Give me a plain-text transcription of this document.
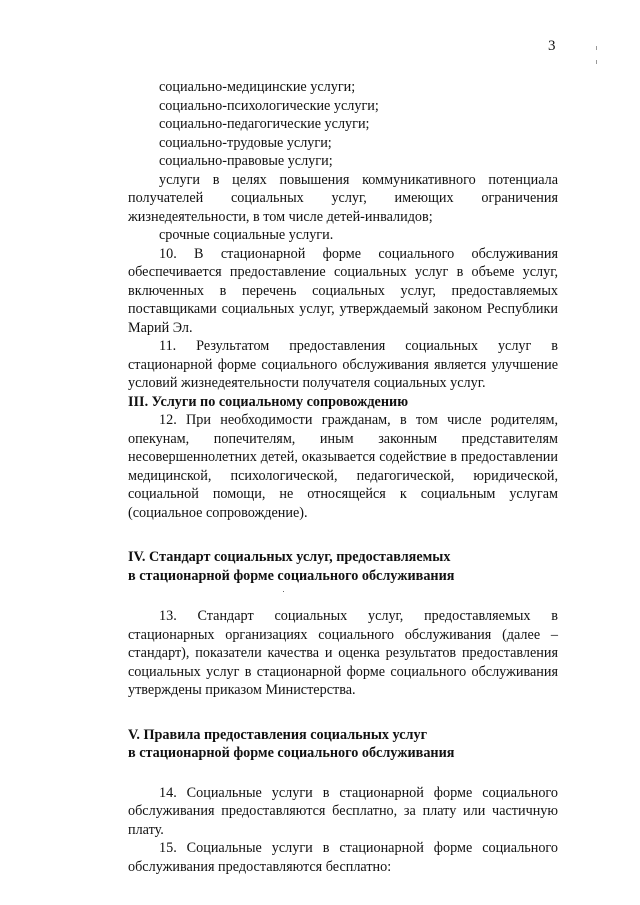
3

социально-медицинские услуги;

социально-психологические услуги;

социально-педагогические услуги;

социально-трудовые услуги;

социально-правовые услуги;

услуги в целях повышения коммуникативного потенциала получателей социальных услуг, имеющих ограничения жизнедеятельности, в том числе детей-инвалидов;

срочные социальные услуги.

10. В стационарной форме социального обслуживания обеспечивается предоставление социальных услуг в объеме услуг, включенных в перечень социальных услуг, предоставляемых поставщиками социальных услуг, утверждаемый законом Республики Марий Эл.

11. Результатом предоставления социальных услуг в стационарной форме социального обслуживания является улучшение условий жизнедеятельности получателя социальных услуг.

III. Услуги по социальному сопровождению

12. При необходимости гражданам, в том числе родителям, опекунам, попечителям, иным законным представителям несовершеннолетних детей, оказывается содействие в предоставлении медицинской, психологической, педагогической, юридической, социальной помощи, не относящейся к социальным услугам (социальное сопровождение).

IV. Стандарт социальных услуг, предоставляемых

в стационарной форме социального обслуживания

13. Стандарт социальных услуг, предоставляемых в стационарных организациях социального обслуживания (далее – стандарт), показатели качества и оценка результатов предоставления социальных услуг в стационарной форме социального обслуживания утверждены приказом Министерства.

V. Правила предоставления социальных услуг

в стационарной форме социального обслуживания

14. Социальные услуги в стационарной форме социального обслуживания предоставляются бесплатно, за плату или частичную плату.

15. Социальные услуги в стационарной форме социального обслуживания предоставляются бесплатно:
